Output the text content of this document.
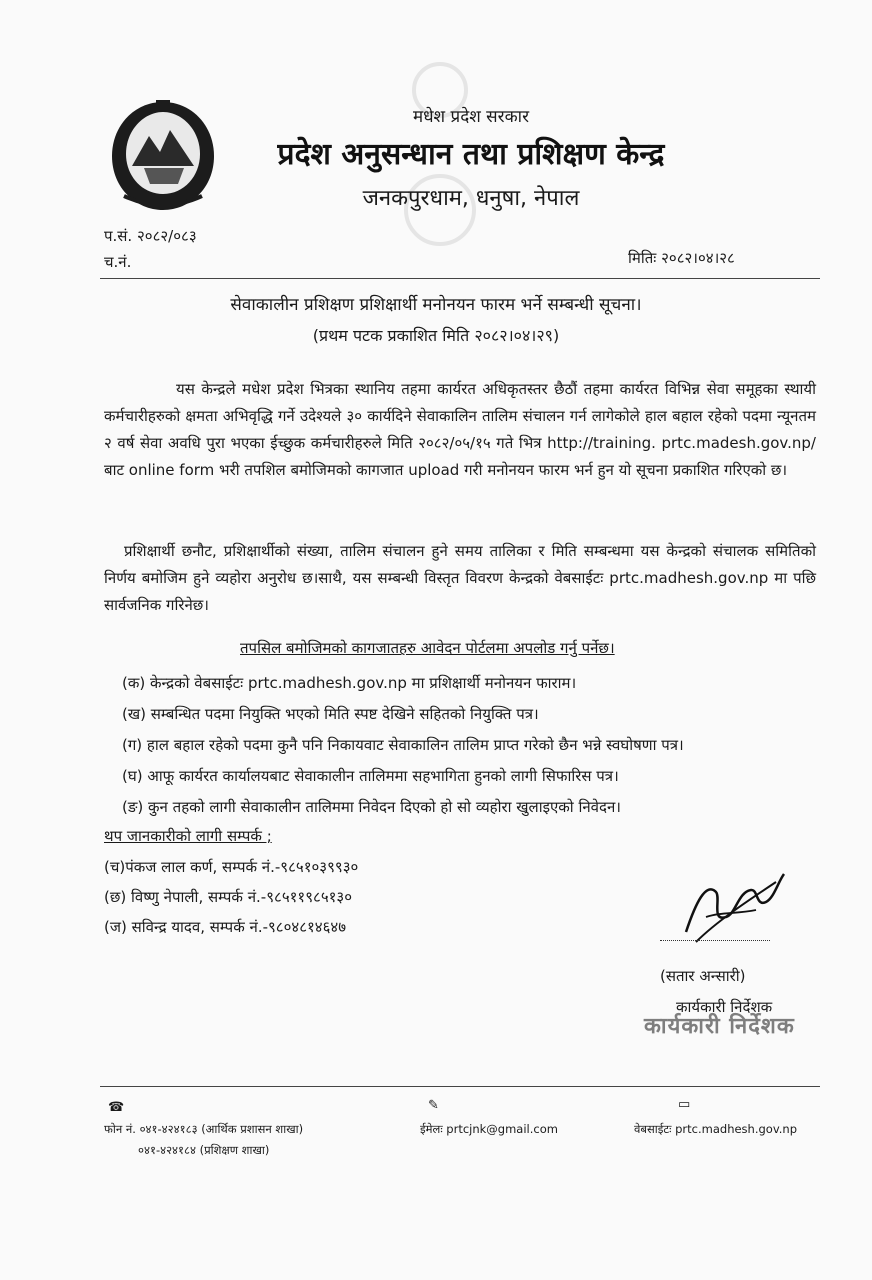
मधेश प्रदेश सरकार
प्रदेश अनुसन्धान तथा प्रशिक्षण केन्द्र
जनकपुरधाम, धनुषा, नेपाल
प.सं. २०८२/०८३
च.नं.	मितिः २०८२।०४।२८
सेवाकालीन प्रशिक्षण प्रशिक्षार्थी मनोनयन फारम भर्ने सम्बन्धी सूचना।
(प्रथम पटक प्रकाशित मिति २०८२।०४।२९)
यस केन्द्रले मधेश प्रदेश भित्रका स्थानिय तहमा कार्यरत अधिकृतस्तर छैठौं तहमा कार्यरत विभिन्न सेवा समूहका स्थायी कर्मचारीहरुको क्षमता अभिवृद्धि गर्ने उदेश्यले ३० कार्यदिने सेवाकालिन तालिम संचालन गर्न लागेकोले हाल बहाल रहेको पदमा न्यूनतम २ वर्ष सेवा अवधि पुरा भएका ईच्छुक कर्मचारीहरुले मिति २०८२/०५/१५ गते भित्र http://training. prtc.madesh.gov.np/ बाट online form भरी तपशिल बमोजिमको कागजात upload गरी मनोनयन फारम भर्न हुन यो सूचना प्रकाशित गरिएको छ।
प्रशिक्षार्थी छनौट, प्रशिक्षार्थीको संख्या, तालिम संचालन हुने समय तालिका र मिति सम्बन्धमा यस केन्द्रको संचालक समितिको निर्णय बमोजिम हुने व्यहोरा अनुरोध छ।साथै, यस सम्बन्धी विस्तृत विवरण केन्द्रको वेबसाईटः prtc.madhesh.gov.np मा पछि सार्वजनिक गरिनेछ।
तपसिल बमोजिमको कागजातहरु आवेदन पोर्टलमा अपलोड गर्नु पर्नेछ।
(क) केन्द्रको वेबसाईटः prtc.madhesh.gov.np मा प्रशिक्षार्थी मनोनयन फाराम।
(ख) सम्बन्धित पदमा नियुक्ति भएको मिति स्पष्ट देखिने सहितको नियुक्ति पत्र।
(ग) हाल बहाल रहेको पदमा कुनै पनि निकायवाट सेवाकालिन तालिम प्राप्त गरेको छैन भन्ने स्वघोषणा पत्र।
(घ) आफू कार्यरत कार्यालयबाट सेवाकालीन तालिममा सहभागिता हुनको लागी सिफारिस पत्र।
(ङ) कुन तहको लागी सेवाकालीन तालिममा निवेदन दिएको हो सो व्यहोरा खुलाइएको निवेदन।
थप जानकारीको लागी सम्पर्क ;
(च)पंकज लाल कर्ण, सम्पर्क नं.-९८५१०३९९३०
(छ) विष्णु नेपाली, सम्पर्क नं.-९८५११९८५१३०
(ज) सविन्द्र यादव, सम्पर्क नं.-९८०४८१४६४७
(सतार अन्सारी)
कार्यकारी निर्देशक
कार्यकारी निर्देशक
☎
फोन नं. ०४१-४२४१८३ (आर्थिक प्रशासन शाखा)
०४१-४२४१८४ (प्रशिक्षण शाखा)
✎
ईमेलः prtcjnk@gmail.com
▭
वेबसाईटः prtc.madhesh.gov.np
